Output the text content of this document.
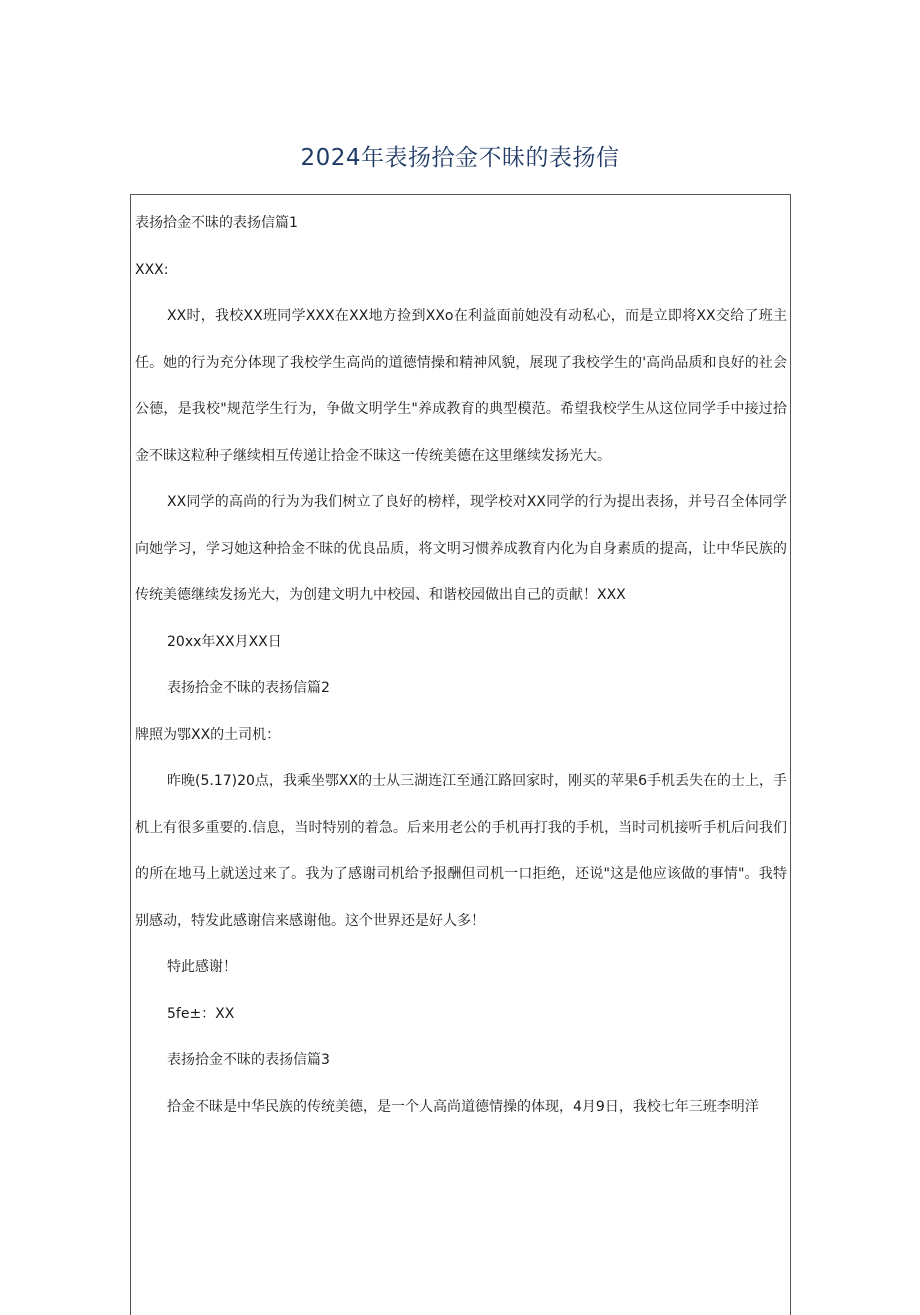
2024年表扬拾金不昧的表扬信

表扬拾金不昧的表扬信篇1

XXX:

XX时，我校XX班同学XXX在XX地方捡到XXo在利益面前她没有动私心，而是立即将XX交给了班主任。她的行为充分体现了我校学生高尚的道德情操和精神风貌，展现了我校学生的'高尚品质和良好的社会公德，是我校"规范学生行为，争做文明学生"养成教育的典型模范。希望我校学生从这位同学手中接过拾金不昧这粒种子继续相互传递让拾金不昧这一传统美德在这里继续发扬光大。

XX同学的高尚的行为为我们树立了良好的榜样，现学校对XX同学的行为提出表扬，并号召全体同学向她学习，学习她这种拾金不昧的优良品质，将文明习惯养成教育内化为自身素质的提高，让中华民族的传统美德继续发扬光大，为创建文明九中校园、和谐校园做出自己的贡献！XXX

20xx年XX月XX日

表扬拾金不昧的表扬信篇2

牌照为鄂XX的土司机：

昨晚(5.17)20点，我乘坐鄂XX的士从三湖连江至通江路回家时，刚买的苹果6手机丢失在的士上，手机上有很多重要的.信息，当时特别的着急。后来用老公的手机再打我的手机，当时司机接听手机后问我们的所在地马上就送过来了。我为了感谢司机给予报酬但司机一口拒绝，还说"这是他应该做的事情"。我特别感动，特发此感谢信来感谢他。这个世界还是好人多！

特此感谢！

5fe±：XX

表扬拾金不昧的表扬信篇3

拾金不昧是中华民族的传统美德，是一个人高尚道德情操的体现，4月9日，我校七年三班李明洋
